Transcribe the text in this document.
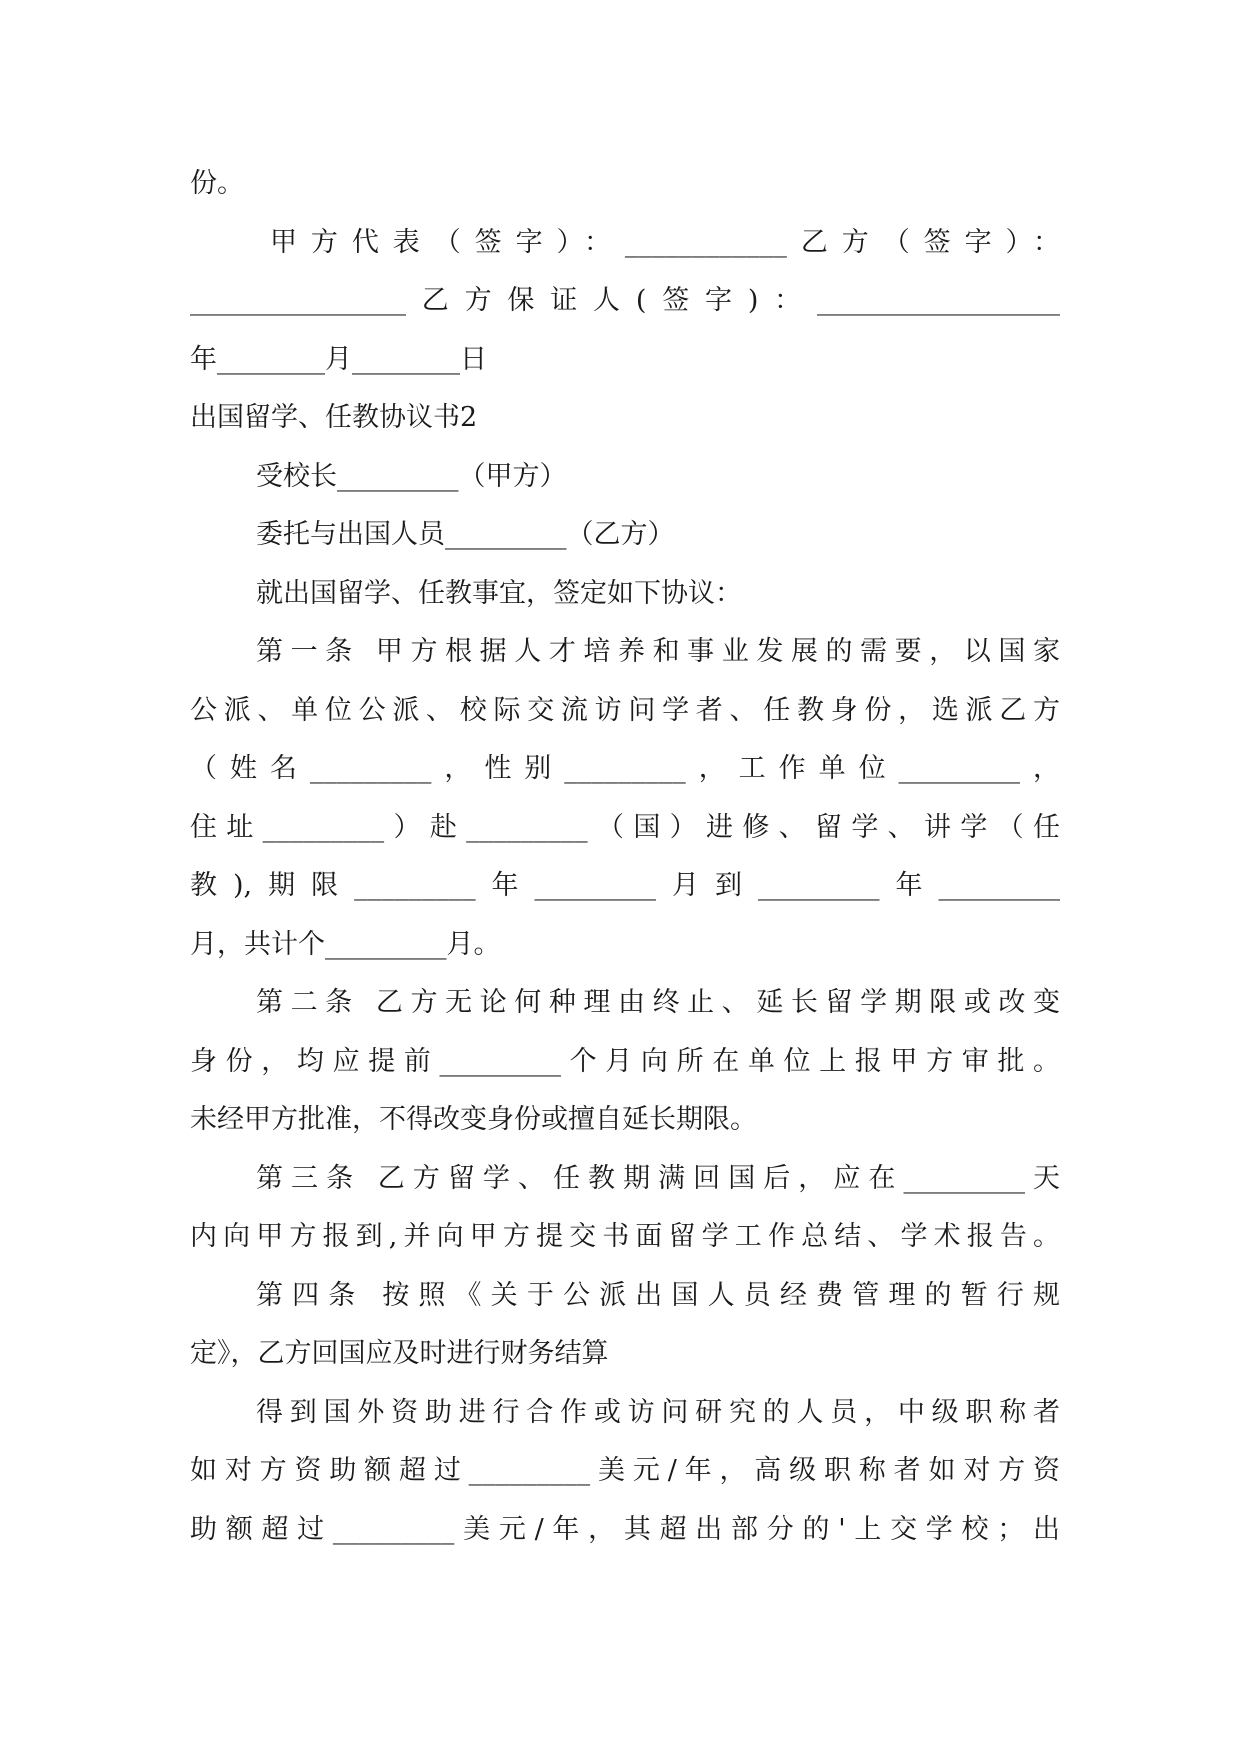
份。
甲方代表（签字）：____________乙方（签字）：
________________乙方保证人(签字)：__________________
年________月________日
出国留学、任教协议书2
受校长_________（甲方）
委托与出国人员_________（乙方）
就出国留学、任教事宜，签定如下协议：
第一条 甲方根据人才培养和事业发展的需要，以国家
公派、单位公派、校际交流访问学者、任教身份，选派乙方
（姓名_________，性别_________，工作单位_________，
住址_________）赴_________（国）进修、留学、讲学（任
教),期限_________年_________月到_________年_________
月，共计个_________月。
第二条 乙方无论何种理由终止、延长留学期限或改变
身份，均应提前_________个月向所在单位上报甲方审批。
未经甲方批准，不得改变身份或擅自延长期限。
第三条 乙方留学、任教期满回国后，应在_________天
内向甲方报到,并向甲方提交书面留学工作总结、学术报告。
第四条 按照《关于公派出国人员经费管理的暂行规
定》，乙方回国应及时进行财务结算
得到国外资助进行合作或访问研究的人员，中级职称者
如对方资助额超过_________美元/年，高级职称者如对方资
助额超过_________美元/年，其超出部分的'上交学校；出
